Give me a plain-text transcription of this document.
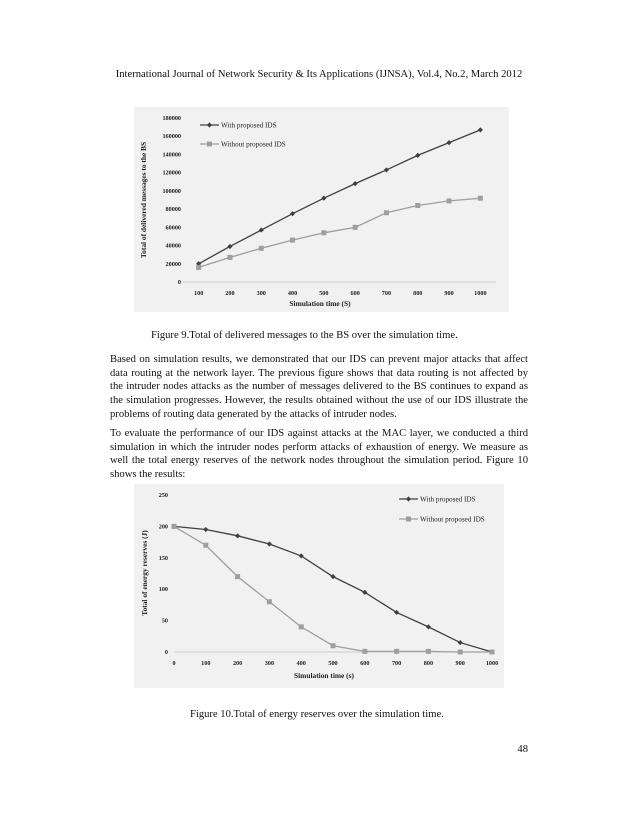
International Journal of Network Security & Its Applications (IJNSA), Vol.4, No.2, March 2012
0
20000
40000
60000
80000
100000
120000
140000
160000
180000
100	200	300	400	500	600	700	800	900	1000
Simulation time (S)
Total of delivered messages to the BS
With proposed IDS
Without proposed IDS
Figure 9.Total of delivered messages to the BS over the simulation time.

Based on simulation results, we demonstrated that our IDS can prevent major attacks that affect data routing at the network layer. The previous figure shows that data routing is not affected by the intruder nodes attacks as the number of messages delivered to the BS continues to expand as the simulation progresses. However, the results obtained without the use of our IDS illustrate the problems of routing data generated by the attacks of intruder nodes.

To evaluate the performance of our IDS against attacks at the MAC layer, we conducted a third simulation in which the intruder nodes perform attacks of exhaustion of energy. We measure as well the total energy reserves of the network nodes throughout the simulation period. Figure 10 shows the results:

0
50
100
150
200
250
0	100	200	300	400	500	600	700	800	900	1000
Simulation time (s)
Total of energy reserves (J)
With proposed IDS
Without proposed IDS
Figure 10.Total of energy reserves over the simulation time.
48
